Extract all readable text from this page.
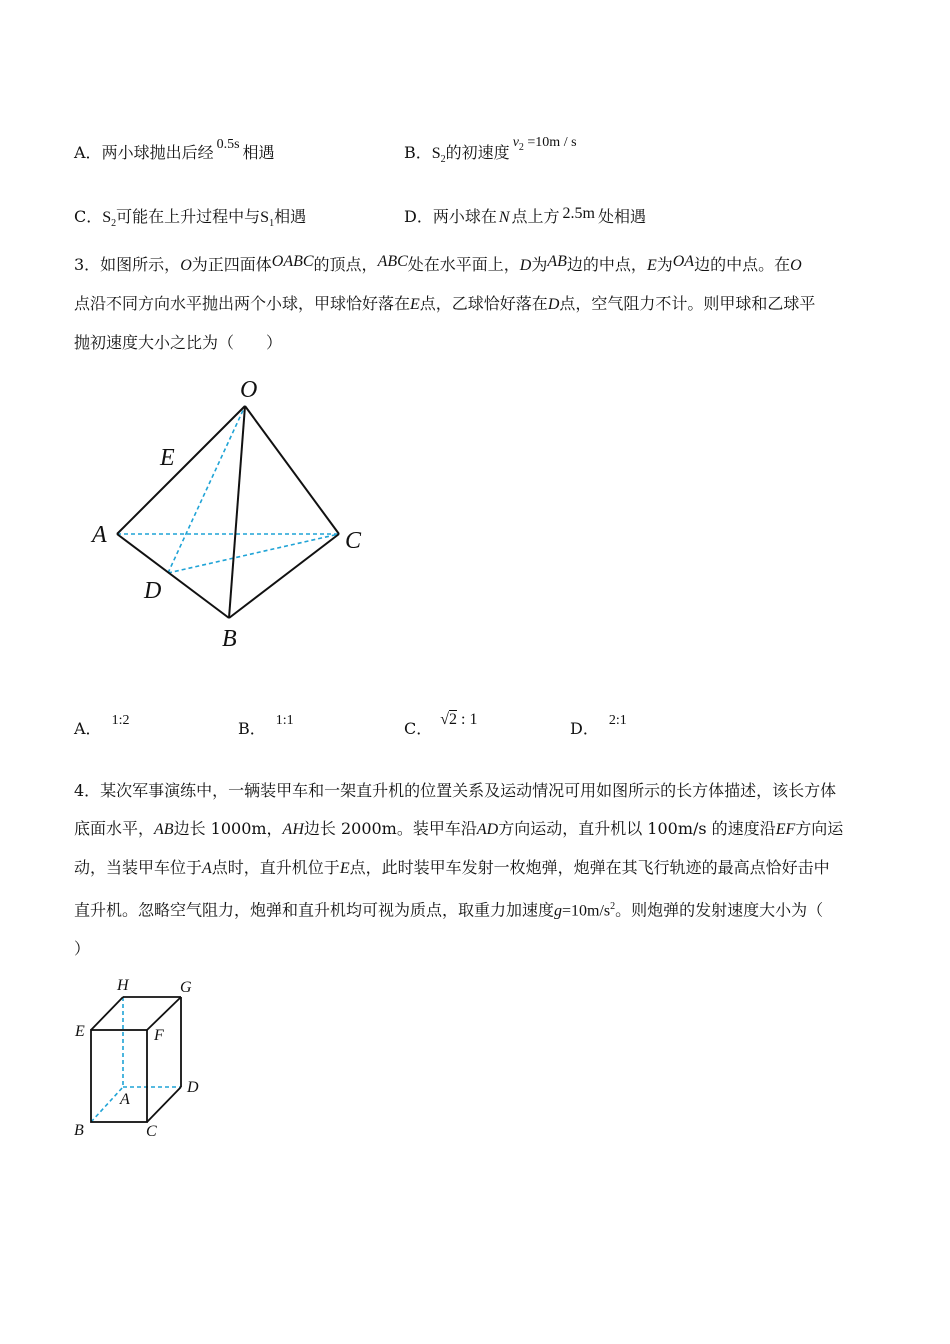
A．两小球抛出后经 0.5s 相遇	B．$S_2$的初速度$v_2 =10m / s$
C．$S_2$可能在上升过程中与$S_1$相遇	D．两小球在 N 点上方 2.5m 处相遇
3．如图所示，O为正四面体OABC的顶点，ABC处在水平面上，D为AB边的中点，E为OA边的中点。在O
点沿不同方向水平抛出两个小球，甲球恰好落在E点，乙球恰好落在D点，空气阻力不计。则甲球和乙球平
抛初速度大小之比为（　　）
O
E
A	C
D
B
A． 1:2	B． 1:1	C． √2 : 1	D． 2:1
4．某次军事演练中，一辆装甲车和一架直升机的位置关系及运动情况可用如图所示的长方体描述，该长方体
底面水平，AB边长 1000m，AH边长 2000m。装甲车沿AD方向运动，直升机以 100m/s 的速度沿EF方向运
动，当装甲车位于A点时，直升机位于E点，此时装甲车发射一枚炮弹，炮弹在其飞行轨迹的最高点恰好击中
直升机。忽略空气阻力，炮弹和直升机均可视为质点，取重力加速度$g=10m/s^2$。则炮弹的发射速度大小为（
）
H	G
E	F
D
A
B	C
